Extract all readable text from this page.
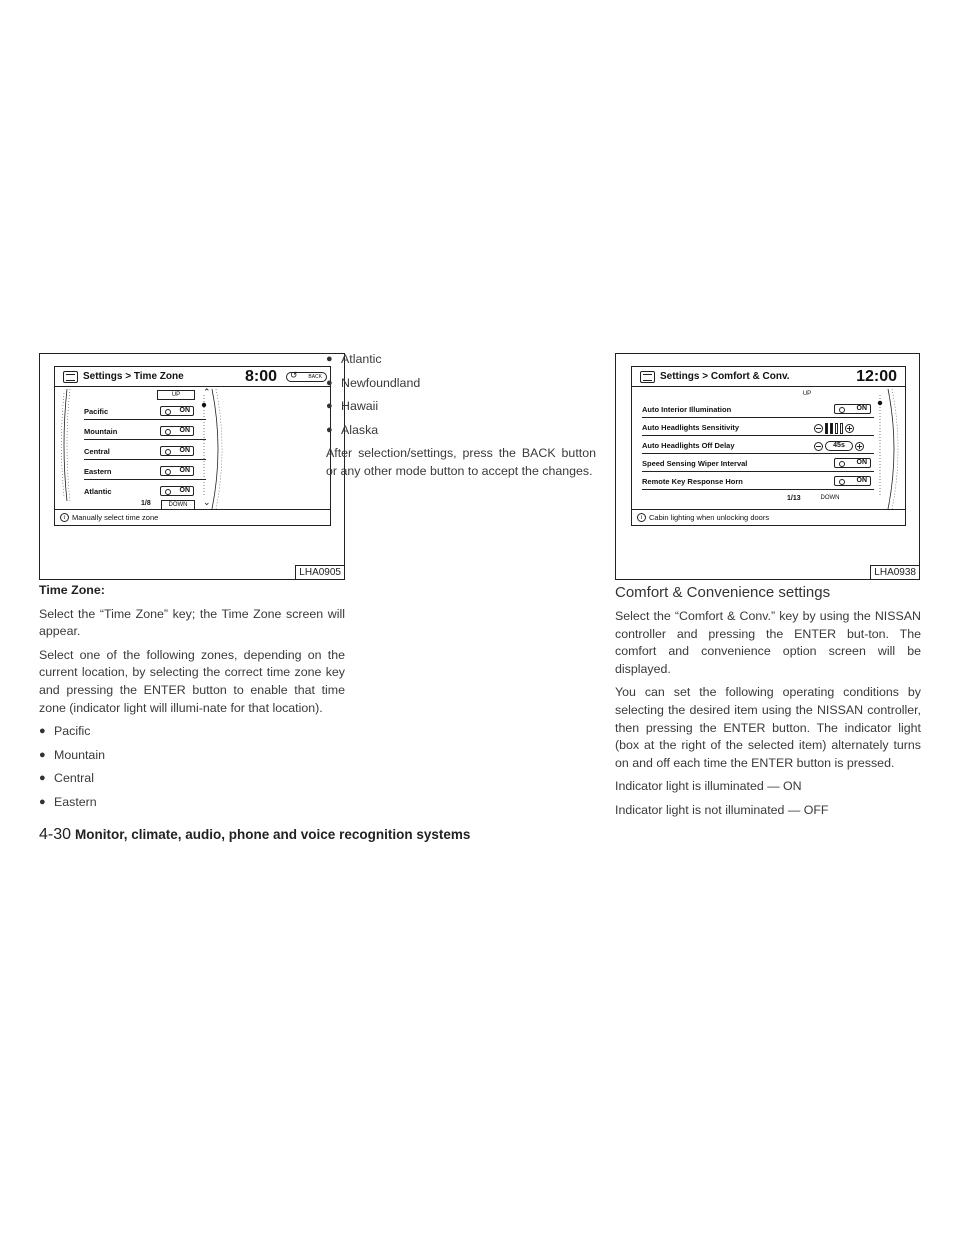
Settings > Time Zone	8:00
↺	BACK
UP	⌃
Pacific	ON
Mountain	ON
Central	ON
Eastern	ON
Atlantic	ON
1/8	DOWN	⌄
i Manually select time zone
LHA0905
Settings > Comfort & Conv.	12:00
UP
Auto Interior Illumination	ON
Auto Headlights Sensitivity
Auto Headlights Off Delay	45s
Speed Sensing Wiper Interval	ON
Remote Key Response Horn	ON
1/13	DOWN
i Cabin lighting when unlocking doors
LHA0938
Time Zone:
Select the “Time Zone” key; the Time Zone screen will appear.
Select one of the following zones, depending on the current location, by selecting the correct time zone key and pressing the ENTER button to enable that time zone (indicator light will illumi-nate for that location).
● Pacific
● Mountain
● Central
● Eastern
● Atlantic
● Newfoundland
● Hawaii
● Alaska
After selection/settings, press the BACK button or any other mode button to accept the changes.
Comfort & Convenience settings
Select the “Comfort & Conv.” key by using the NISSAN controller and pressing the ENTER but-ton. The comfort and convenience option screen will be displayed.
You can set the following operating conditions by selecting the desired item using the NISSAN controller, then pressing the ENTER button. The indicator light (box at the right of the selected item) alternately turns on and off each time the ENTER button is pressed.
Indicator light is illuminated — ON
Indicator light is not illuminated — OFF
4-30 Monitor, climate, audio, phone and voice recognition systems
